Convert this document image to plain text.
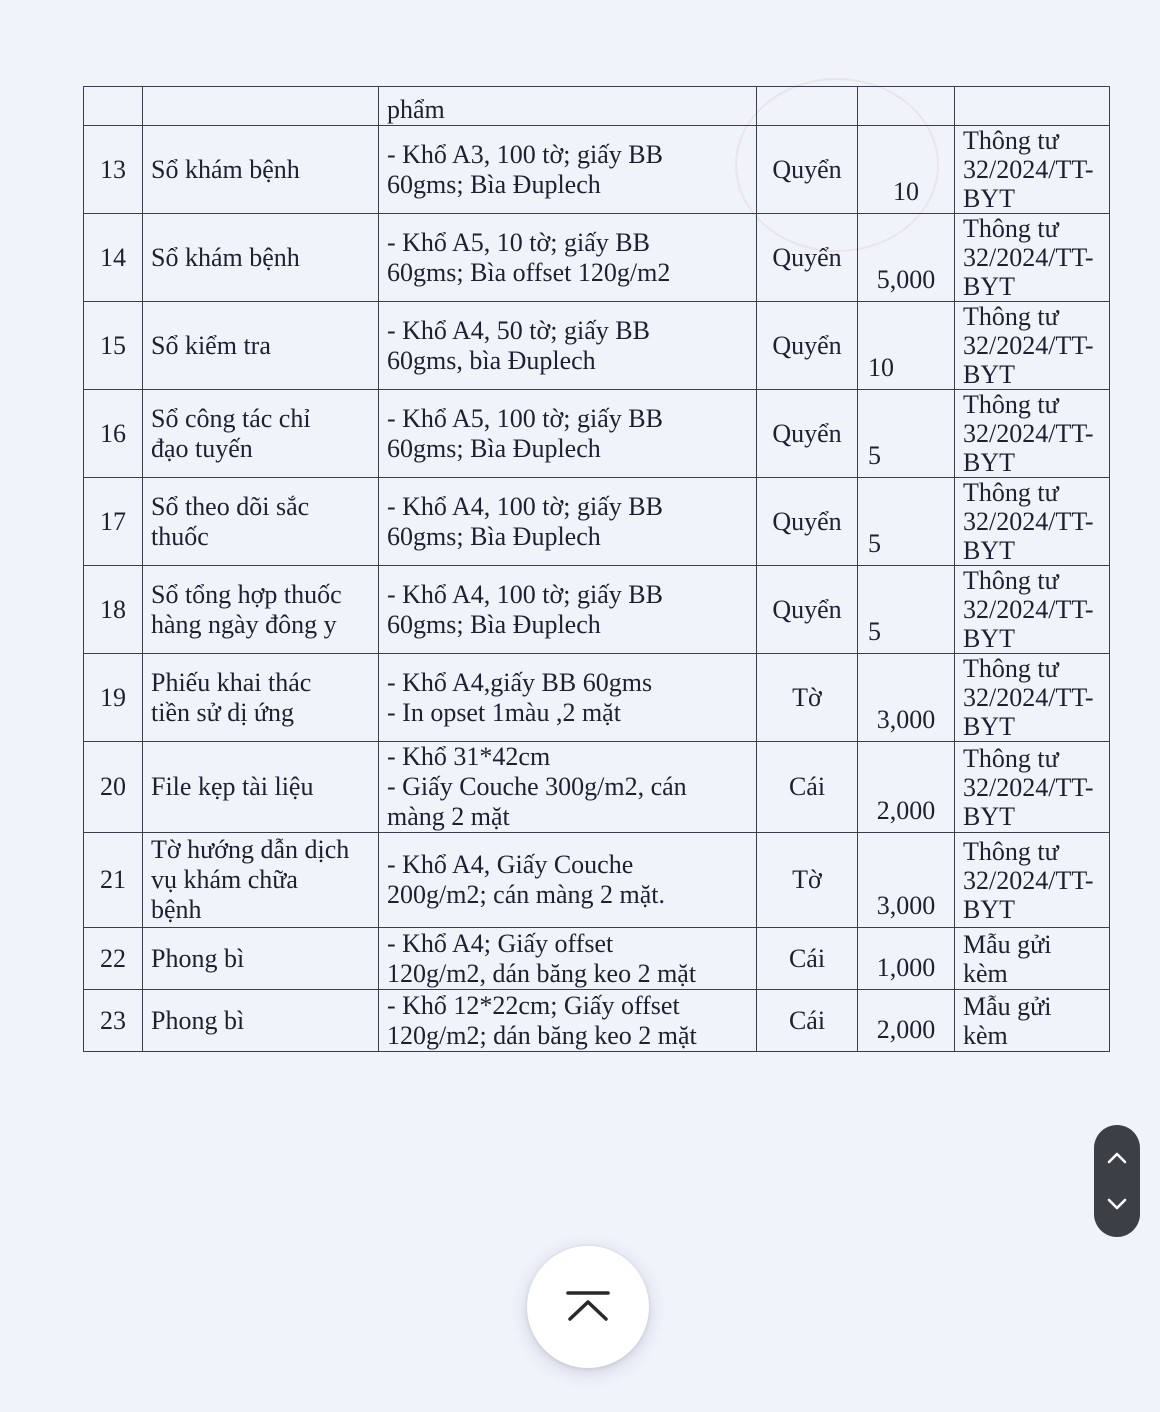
		phẩm			

13	Sổ khám bệnh	- Khổ A3, 100 tờ; giấy BB
60gms; Bìa Đuplech	Quyển	10	Thông tư
32/2024/TT-
BYT

14	Sổ khám bệnh	- Khổ A5, 10 tờ; giấy BB
60gms; Bìa offset 120g/m2	Quyển	5,000	Thông tư
32/2024/TT-
BYT

15	Sổ kiểm tra	- Khổ A4, 50 tờ; giấy BB
60gms, bìa Đuplech	Quyển	10	Thông tư
32/2024/TT-
BYT

16	Sổ công tác chỉ
đạo tuyến	- Khổ A5, 100 tờ; giấy BB
60gms; Bìa Đuplech	Quyển	5	Thông tư
32/2024/TT-
BYT

17	Sổ theo dõi sắc
thuốc	- Khổ A4, 100 tờ; giấy BB
60gms; Bìa Đuplech	Quyển	5	Thông tư
32/2024/TT-
BYT

18	Sổ tổng hợp thuốc
hàng ngày đông y	- Khổ A4, 100 tờ; giấy BB
60gms; Bìa Đuplech	Quyển	5	Thông tư
32/2024/TT-
BYT

19	Phiếu khai thác
tiền sử dị ứng	- Khổ A4,giấy BB 60gms
- In opset 1màu ,2 mặt	Tờ	3,000	Thông tư
32/2024/TT-
BYT

20	File kẹp tài liệu	- Khổ 31*42cm
- Giấy Couche 300g/m2, cán
màng 2 mặt	Cái	2,000	Thông tư
32/2024/TT-
BYT

21	Tờ hướng dẫn dịch
vụ khám chữa
bệnh	- Khổ A4, Giấy Couche
200g/m2; cán màng 2 mặt.	Tờ	3,000	Thông tư
32/2024/TT-
BYT

22	Phong bì	- Khổ A4; Giấy offset
120g/m2, dán băng keo 2 mặt	Cái	1,000	Mẫu gửi
kèm

23	Phong bì	- Khổ 12*22cm; Giấy offset
120g/m2; dán băng keo 2 mặt	Cái	2,000	Mẫu gửi
kèm
